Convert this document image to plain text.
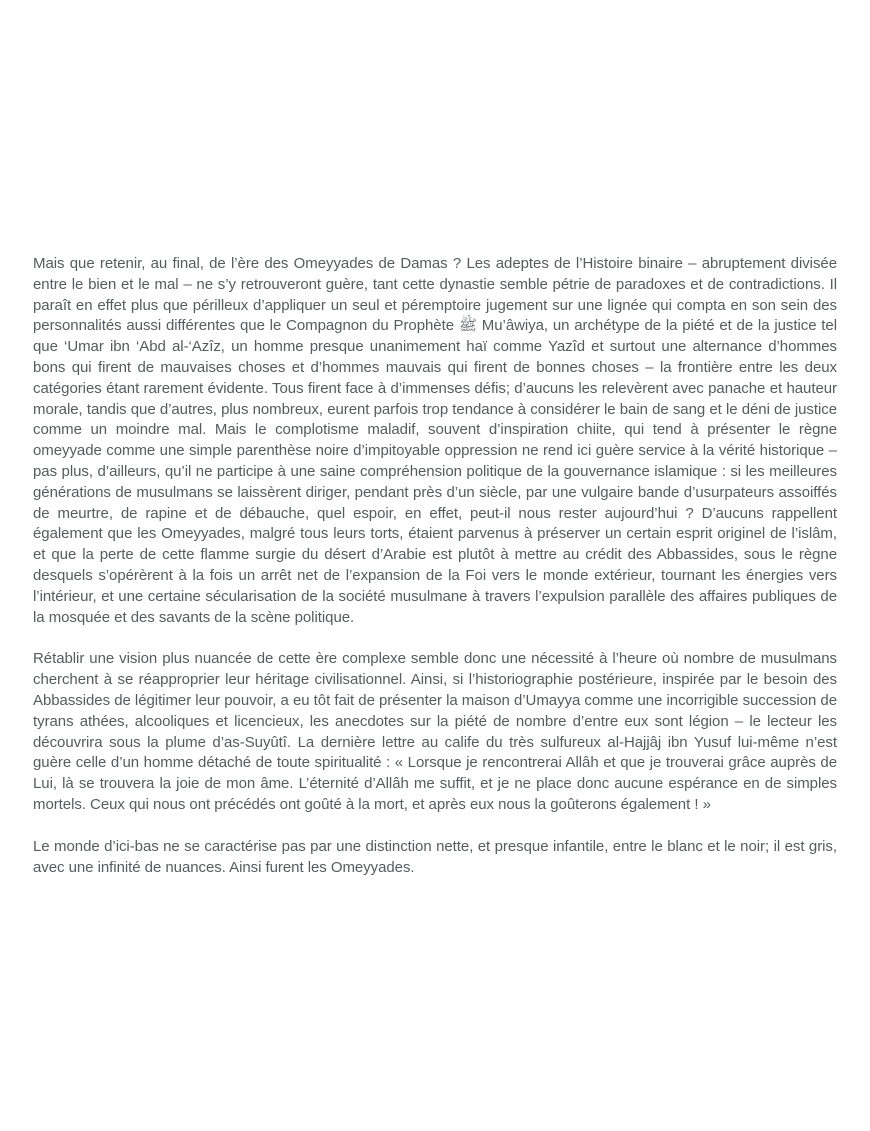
Mais que retenir, au final, de l’ère des Omeyyades de Damas ? Les adeptes de l’Histoire binaire – abruptement divisée entre le bien et le mal – ne s’y retrouveront guère, tant cette dynastie semble pétrie de paradoxes et de contradictions. Il paraît en effet plus que périlleux d’appliquer un seul et péremptoire jugement sur une lignée qui compta en son sein des personnalités aussi différentes que le Compagnon du Prophète ﷺ Mu’âwiya, un archétype de la piété et de la justice tel que ‘Umar ibn ‘Abd al-‘Azîz, un homme presque unanimement haï comme Yazîd et surtout une alternance d’hommes bons qui firent de mauvaises choses et d’hommes mauvais qui firent de bonnes choses – la frontière entre les deux catégories étant rarement évidente. Tous firent face à d’immenses défis; d’aucuns les relevèrent avec panache et hauteur morale, tandis que d’autres, plus nombreux, eurent parfois trop tendance à considérer le bain de sang et le déni de justice comme un moindre mal. Mais le complotisme maladif, souvent d’inspiration chiite, qui tend à présenter le règne omeyyade comme une simple parenthèse noire d’impitoyable oppression ne rend ici guère service à la vérité historique – pas plus, d’ailleurs, qu’il ne participe à une saine compréhension politique de la gouvernance islamique : si les meilleures générations de musulmans se laissèrent diriger, pendant près d’un siècle, par une vulgaire bande d’usurpateurs assoiffés de meurtre, de rapine et de débauche, quel espoir, en effet, peut-il nous rester aujourd’hui ? D’aucuns rappellent également que les Omeyyades, malgré tous leurs torts, étaient parvenus à préserver un certain esprit originel de l’islâm, et que la perte de cette flamme surgie du désert d’Arabie est plutôt à mettre au crédit des Abbassides, sous le règne desquels s’opérèrent à la fois un arrêt net de l’expansion de la Foi vers le monde extérieur, tournant les énergies vers l’intérieur, et une certaine sécularisation de la société musulmane à travers l’expulsion parallèle des affaires publiques de la mosquée et des savants de la scène politique.

Rétablir une vision plus nuancée de cette ère complexe semble donc une nécessité à l’heure où nombre de musulmans cherchent à se réapproprier leur héritage civilisationnel. Ainsi, si l’historiographie postérieure, inspirée par le besoin des Abbassides de légitimer leur pouvoir, a eu tôt fait de présenter la maison d’Umayya comme une incorrigible succession de tyrans athées, alcooliques et licencieux, les anecdotes sur la piété de nombre d’entre eux sont légion – le lecteur les découvrira sous la plume d’as-Suyûtî. La dernière lettre au calife du très sulfureux al-Hajjâj ibn Yusuf lui-même n’est guère celle d’un homme détaché de toute spiritualité : « Lorsque je rencontrerai Allâh et que je trouverai grâce auprès de Lui, là se trouvera la joie de mon âme. L’éternité d’Allâh me suffit, et je ne place donc aucune espérance en de simples mortels. Ceux qui nous ont précédés ont goûté à la mort, et après eux nous la goûterons également ! »

Le monde d’ici-bas ne se caractérise pas par une distinction nette, et presque infantile, entre le blanc et le noir; il est gris, avec une infinité de nuances. Ainsi furent les Omeyyades.
